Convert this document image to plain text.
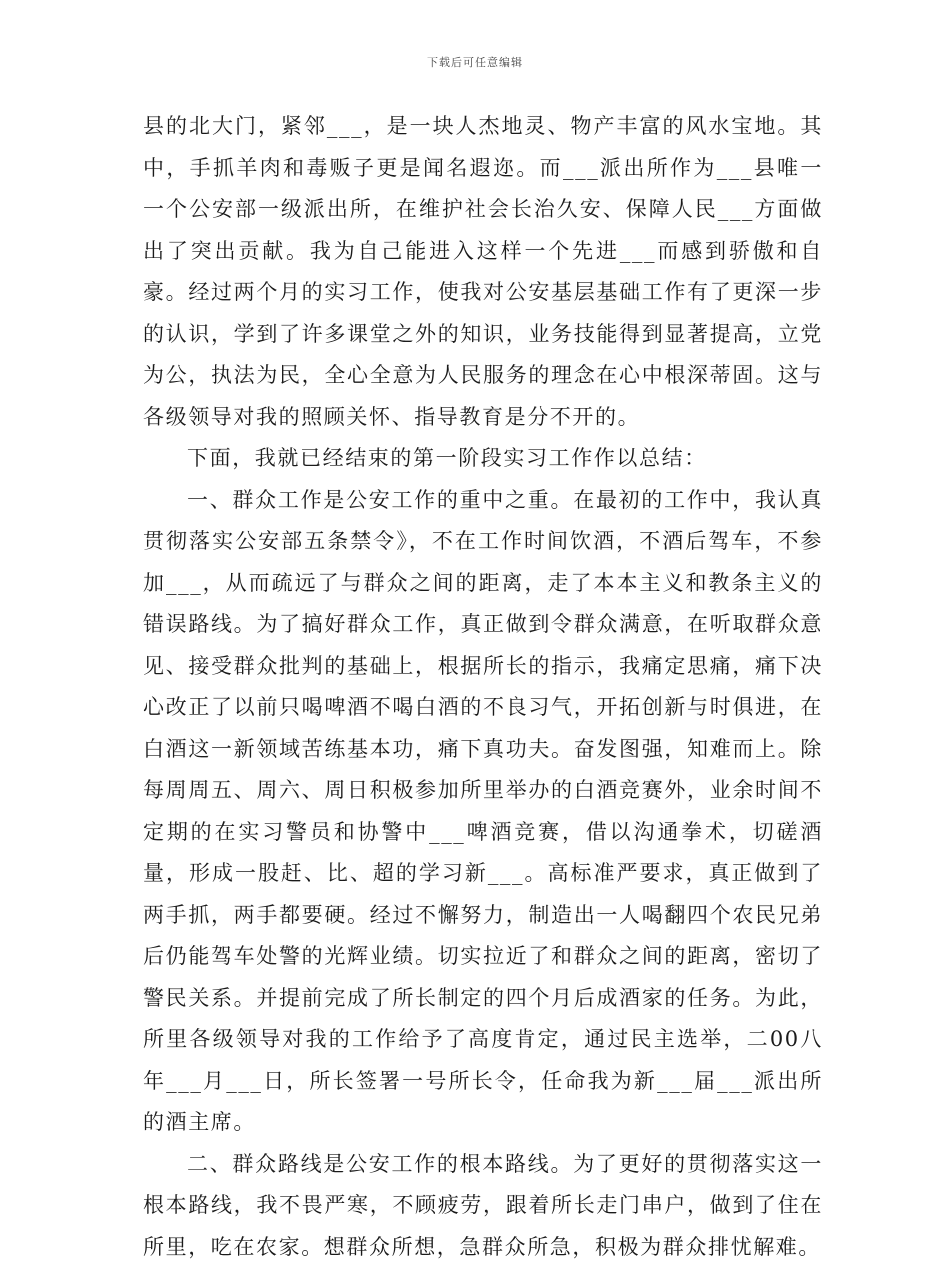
下载后可任意编辑

县的北大门，紧邻___，是一块人杰地灵、物产丰富的风水宝地。其中，手抓羊肉和毒贩子更是闻名遐迩。而___派出所作为___县唯一一个公安部一级派出所，在维护社会长治久安、保障人民___方面做出了突出贡献。我为自己能进入这样一个先进___而感到骄傲和自豪。经过两个月的实习工作，使我对公安基层基础工作有了更深一步的认识，学到了许多课堂之外的知识，业务技能得到显著提高，立党为公，执法为民，全心全意为人民服务的理念在心中根深蒂固。这与各级领导对我的照顾关怀、指导教育是分不开的。

下面，我就已经结束的第一阶段实习工作作以总结：

一、群众工作是公安工作的重中之重。在最初的工作中，我认真贯彻落实公安部五条禁令》，不在工作时间饮酒，不酒后驾车，不参加___，从而疏远了与群众之间的距离，走了本本主义和教条主义的错误路线。为了搞好群众工作，真正做到令群众满意，在听取群众意见、接受群众批判的基础上，根据所长的指示，我痛定思痛，痛下决心改正了以前只喝啤酒不喝白酒的不良习气，开拓创新与时俱进，在白酒这一新领域苦练基本功，痛下真功夫。奋发图强，知难而上。除每周周五、周六、周日积极参加所里举办的白酒竞赛外，业余时间不定期的在实习警员和协警中___啤酒竞赛，借以沟通拳术，切磋酒量，形成一股赶、比、超的学习新___。高标准严要求，真正做到了两手抓，两手都要硬。经过不懈努力，制造出一人喝翻四个农民兄弟后仍能驾车处警的光辉业绩。切实拉近了和群众之间的距离，密切了警民关系。并提前完成了所长制定的四个月后成酒家的任务。为此，所里各级领导对我的工作给予了高度肯定，通过民主选举，二00八年___月___日，所长签署一号所长令，任命我为新___届___派出所的酒主席。

二、群众路线是公安工作的根本路线。为了更好的贯彻落实这一根本路线，我不畏严寒，不顾疲劳，跟着所长走门串户，做到了住在所里，吃在农家。想群众所想，急群众所急，积极为群众排忧解难。
